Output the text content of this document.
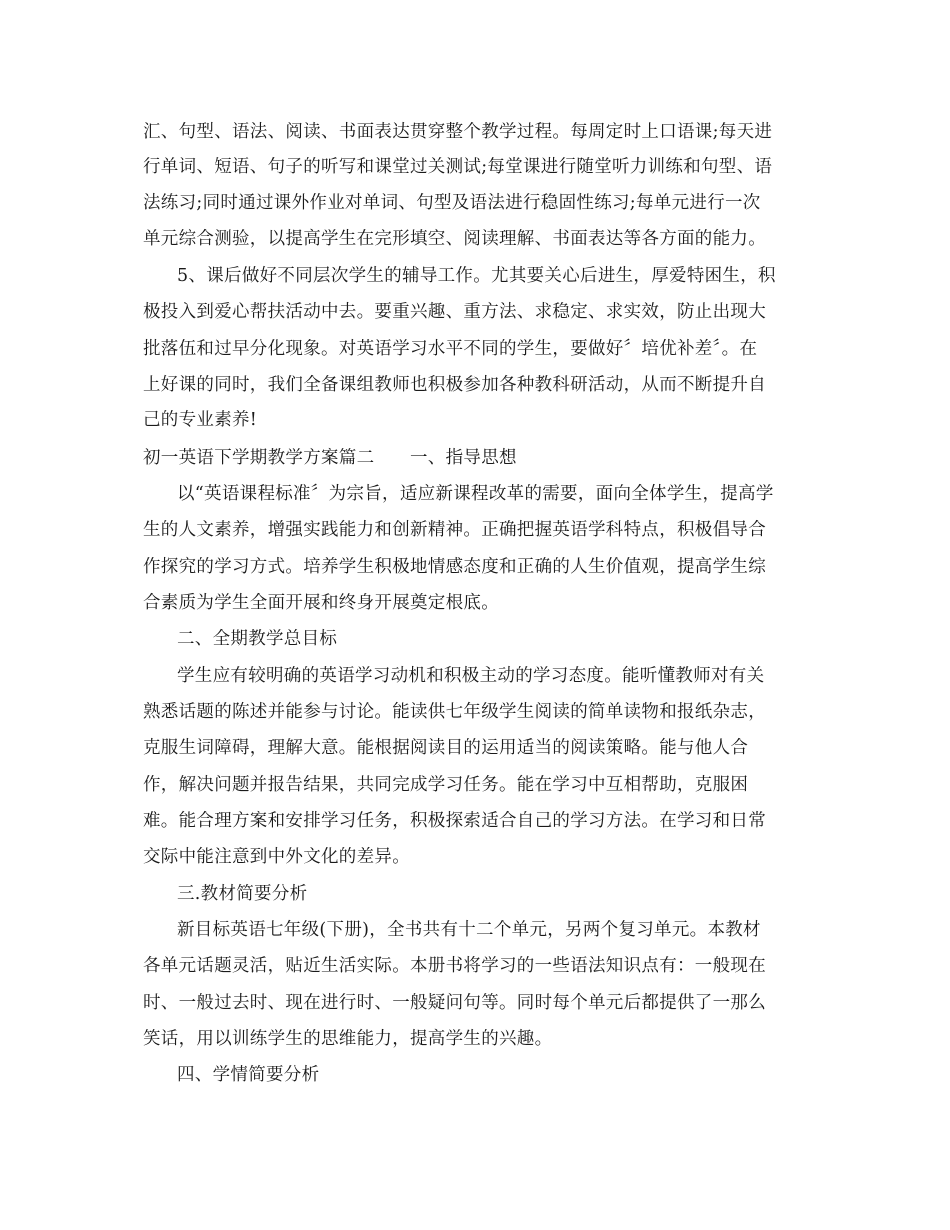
汇、句型、语法、阅读、书面表达贯穿整个教学过程。每周定时上口语课;每天进
行单词、短语、句子的听写和课堂过关测试;每堂课进行随堂听力训练和句型、语
法练习;同时通过课外作业对单词、句型及语法进行稳固性练习;每单元进行一次
单元综合测验，以提高学生在完形填空、阅读理解、书面表达等各方面的能力。
5、课后做好不同层次学生的辅导工作。尤其要关心后进生，厚爱特困生，积
极投入到爱心帮扶活动中去。要重兴趣、重方法、求稳定、求实效，防止出现大
批落伍和过早分化现象。对英语学习水平不同的学生，要做好〞培优补差〞。在
上好课的同时，我们全备课组教师也积极参加各种教科研活动，从而不断提升自
己的专业素养!
初一英语下学期教学方案篇二　　一、指导思想
以“英语课程标准〞为宗旨，适应新课程改革的需要，面向全体学生，提高学
生的人文素养，增强实践能力和创新精神。正确把握英语学科特点，积极倡导合
作探究的学习方式。培养学生积极地情感态度和正确的人生价值观，提高学生综
合素质为学生全面开展和终身开展奠定根底。
二、全期教学总目标
学生应有较明确的英语学习动机和积极主动的学习态度。能听懂教师对有关
熟悉话题的陈述并能参与讨论。能读供七年级学生阅读的简单读物和报纸杂志，
克服生词障碍，理解大意。能根据阅读目的运用适当的阅读策略。能与他人合
作，解决问题并报告结果，共同完成学习任务。能在学习中互相帮助，克服困
难。能合理方案和安排学习任务，积极探索适合自己的学习方法。在学习和日常
交际中能注意到中外文化的差异。
三.教材简要分析
新目标英语七年级(下册)，全书共有十二个单元，另两个复习单元。本教材
各单元话题灵活，贴近生活实际。本册书将学习的一些语法知识点有：一般现在
时、一般过去时、现在进行时、一般疑问句等。同时每个单元后都提供了一那么
笑话，用以训练学生的思维能力，提高学生的兴趣。
四、学情简要分析
